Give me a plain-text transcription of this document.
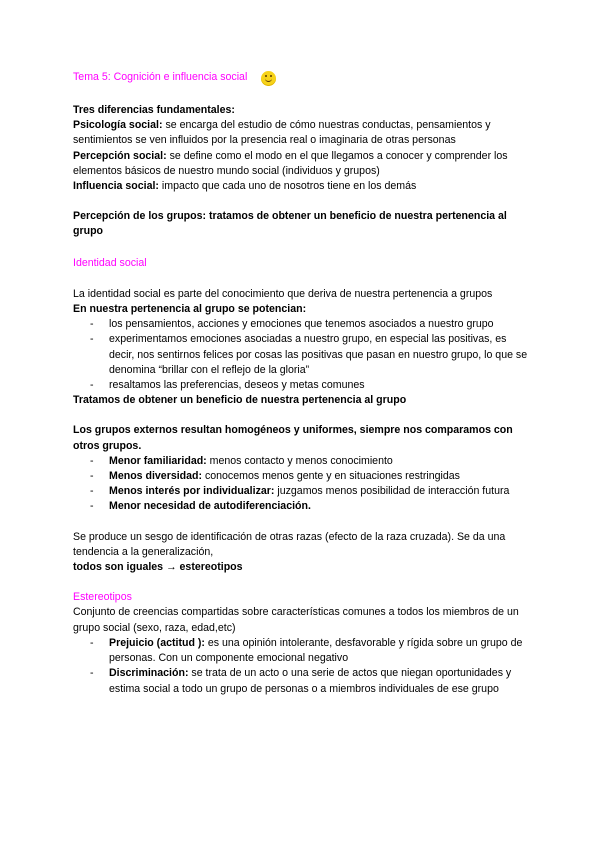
Tema 5: Cognición e influencia social

Tres diferencias fundamentales:

Psicología social: se encarga del estudio de cómo nuestras conductas, pensamientos y sentimientos se ven influidos por la presencia real o imaginaria de otras personas

Percepción social: se define como el modo en el que llegamos a conocer y comprender los elementos básicos de nuestro mundo social (individuos y grupos)

Influencia social: impacto que cada uno de nosotros tiene en los demás

Percepción de los grupos: tratamos de obtener un beneficio de nuestra pertenencia al grupo

Identidad social

La identidad social es parte del conocimiento que deriva de nuestra pertenencia a grupos

En nuestra pertenencia al grupo se potencian:

- los pensamientos, acciones y emociones que tenemos asociados a nuestro grupo
- experimentamos emociones asociadas a nuestro grupo, en especial las positivas, es decir, nos sentirnos felices por cosas las positivas que pasan en nuestro grupo, lo que se denomina “brillar con el reflejo de la gloria”
- resaltamos las preferencias, deseos y metas comunes

Tratamos de obtener un beneficio de nuestra pertenencia al grupo

Los grupos externos resultan homogéneos y uniformes, siempre nos comparamos con otros grupos.

- Menor familiaridad: menos contacto y menos conocimiento
- Menos diversidad: conocemos menos gente y en situaciones restringidas
- Menos interés por individualizar: juzgamos menos posibilidad de interacción futura
- Menor necesidad de autodiferenciación.

Se produce un sesgo de identificación de otras razas (efecto de la raza cruzada). Se da una tendencia a la generalización,

todos son iguales → estereotipos

Estereotipos

Conjunto de creencias compartidas sobre características comunes a todos los miembros de un grupo social (sexo, raza, edad,etc)

- Prejuicio (actitud ): es una opinión intolerante, desfavorable y rígida sobre un grupo de personas. Con un componente emocional negativo
- Discriminación: se trata de un acto o una serie de actos que niegan oportunidades y estima social a todo un grupo de personas o a miembros individuales de ese grupo
